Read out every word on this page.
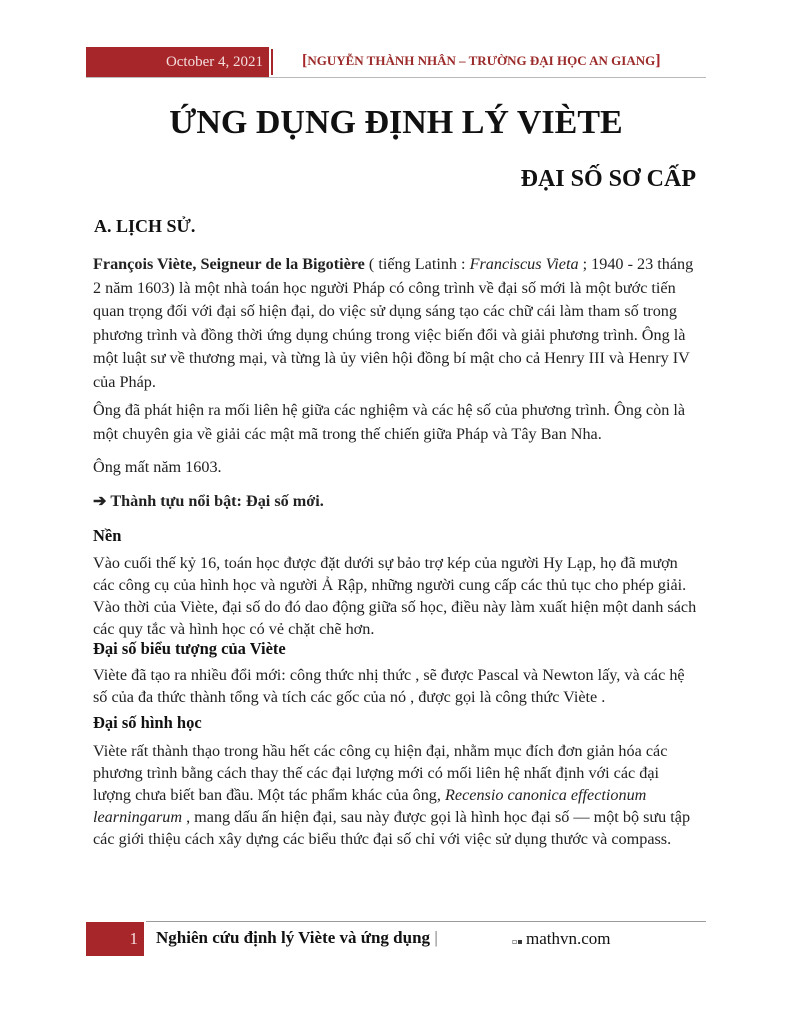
October 4, 2021	[NGUYỄN THÀNH NHÂN – TRƯỜNG ĐẠI HỌC AN GIANG]
ỨNG DỤNG ĐỊNH LÝ VIÈTE
ĐẠI SỐ SƠ CẤP
A. LỊCH SỬ.
François Viète, Seigneur de la Bigotière ( tiếng Latinh : Franciscus Vieta ; 1940 - 23 tháng 2 năm 1603) là một nhà toán học người Pháp có công trình về đại số mới là một bước tiến quan trọng đối với đại số hiện đại, do việc sử dụng sáng tạo các chữ cái làm tham số trong phương trình và đồng thời ứng dụng chúng trong việc biến đổi và giải phương trình. Ông là một luật sư về thương mại, và từng là ủy viên hội đồng bí mật cho cả Henry III và Henry IV của Pháp.
Ông đã phát hiện ra mối liên hệ giữa các nghiệm và các hệ số của phương trình. Ông còn là một chuyên gia về giải các mật mã trong thế chiến giữa Pháp và Tây Ban Nha.
Ông mất năm 1603.
➔ Thành tựu nổi bật: Đại số mới.
Nền
Vào cuối thế kỷ 16, toán học được đặt dưới sự bảo trợ kép của người Hy Lạp, họ đã mượn các công cụ của hình học và người Ả Rập, những người cung cấp các thủ tục cho phép giải. Vào thời của Viète, đại số do đó dao động giữa số học, điều này làm xuất hiện một danh sách các quy tắc và hình học có vẻ chặt chẽ hơn.
Đại số biểu tượng của Viète
Viète đã tạo ra nhiều đổi mới: công thức nhị thức , sẽ được Pascal và Newton lấy, và các hệ số của đa thức thành tổng và tích các gốc của nó , được gọi là công thức Viète .
Đại số hình học
Viète rất thành thạo trong hầu hết các công cụ hiện đại, nhằm mục đích đơn giản hóa các phương trình bằng cách thay thế các đại lượng mới có mối liên hệ nhất định với các đại lượng chưa biết ban đầu. Một tác phẩm khác của ông, Recensio canonica effectionum learningarum , mang dấu ấn hiện đại, sau này được gọi là hình học đại số — một bộ sưu tập các giới thiệu cách xây dựng các biểu thức đại số chỉ với việc sử dụng thước và compass.
1	Nghiên cứu định lý Viète và ứng dụng |	▫▪ mathvn.com
